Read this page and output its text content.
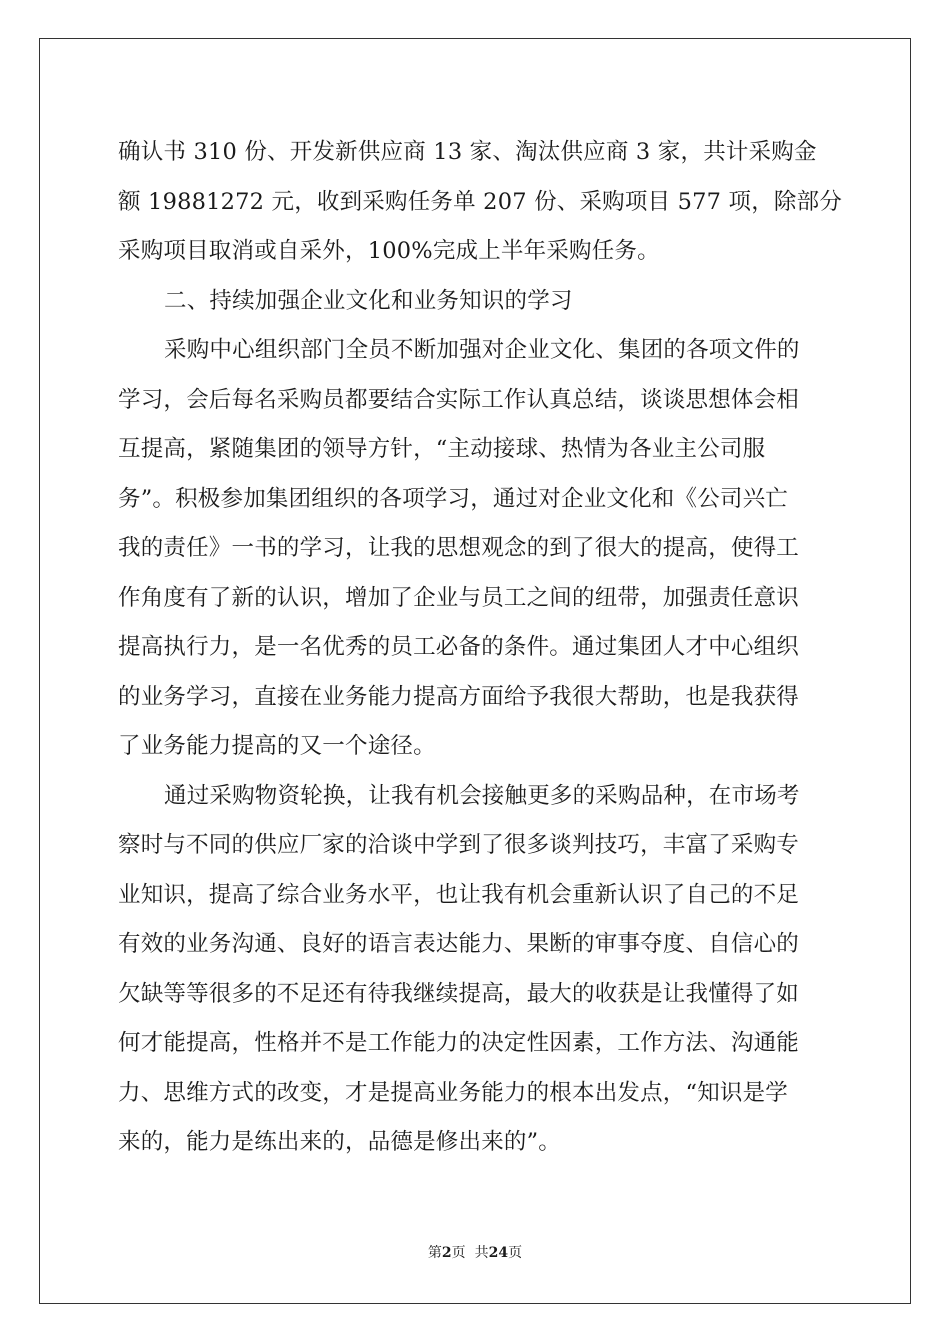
确认书 310 份、开发新供应商 13 家、淘汰供应商 3 家，共计采购金
额 19881272 元，收到采购任务单 207 份、采购项目 577 项，除部分
采购项目取消或自采外，100%完成上半年采购任务。
二、持续加强企业文化和业务知识的学习
采购中心组织部门全员不断加强对企业文化、集团的各项文件的
学习，会后每名采购员都要结合实际工作认真总结，谈谈思想体会相
互提高，紧随集团的领导方针，“主动接球、热情为各业主公司服
务”。积极参加集团组织的各项学习，通过对企业文化和《公司兴亡
我的责任》一书的学习，让我的思想观念的到了很大的提高，使得工
作角度有了新的认识，增加了企业与员工之间的纽带，加强责任意识
提高执行力，是一名优秀的员工必备的条件。通过集团人才中心组织
的业务学习，直接在业务能力提高方面给予我很大帮助，也是我获得
了业务能力提高的又一个途径。
通过采购物资轮换，让我有机会接触更多的采购品种，在市场考
察时与不同的供应厂家的洽谈中学到了很多谈判技巧，丰富了采购专
业知识，提高了综合业务水平，也让我有机会重新认识了自己的不足
有效的业务沟通、良好的语言表达能力、果断的审事夺度、自信心的
欠缺等等很多的不足还有待我继续提高，最大的收获是让我懂得了如
何才能提高，性格并不是工作能力的决定性因素，工作方法、沟通能
力、思维方式的改变，才是提高业务能力的根本出发点，“知识是学
来的，能力是练出来的，品德是修出来的”。
第2页  共24页
